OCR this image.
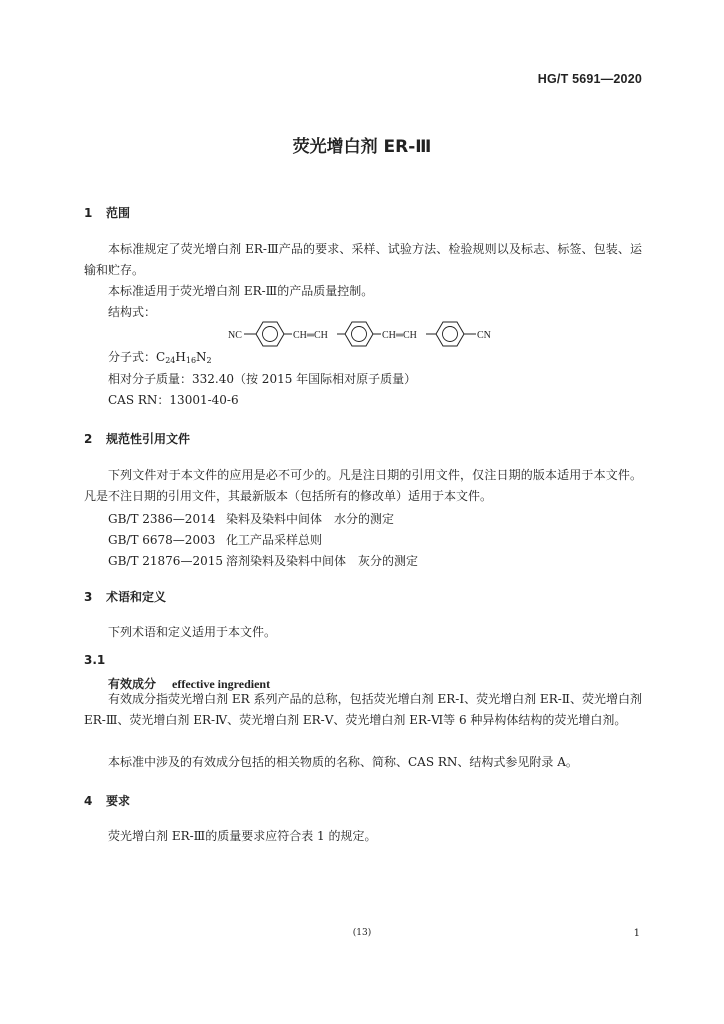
HG/T 5691—2020
荧光增白剂 ER-Ⅲ
1 范围
本标准规定了荧光增白剂 ER-Ⅲ产品的要求、采样、试验方法、检验规则以及标志、标签、包装、运输和贮存。
本标准适用于荧光增白剂 ER-Ⅲ的产品质量控制。
结构式：
NC	CH═CH	CH═CH	CN
分子式：$C_{24}H_{16}N_2$
相对分子质量：332.40（按 2015 年国际相对原子质量）
CAS RN：13001-40-6
2 规范性引用文件
下列文件对于本文件的应用是必不可少的。凡是注日期的引用文件，仅注日期的版本适用于本文件。凡是不注日期的引用文件，其最新版本（包括所有的修改单）适用于本文件。
GB/T 2386—2014 染料及染料中间体　水分的测定
GB/T 6678—2003 化工产品采样总则
GB/T 21876—2015 溶剂染料及染料中间体　灰分的测定
3 术语和定义
下列术语和定义适用于本文件。
3.1
有效成分 effective ingredient
有效成分指荧光增白剂 ER 系列产品的总称，包括荧光增白剂 ER-Ⅰ、荧光增白剂 ER-Ⅱ、荧光增白剂 ER-Ⅲ、荧光增白剂 ER-Ⅳ、荧光增白剂 ER-Ⅴ、荧光增白剂 ER-Ⅵ等 6 种异构体结构的荧光增白剂。
本标准中涉及的有效成分包括的相关物质的名称、简称、CAS RN、结构式参见附录 A。
4 要求
荧光增白剂 ER-Ⅲ的质量要求应符合表 1 的规定。
(13)	1
